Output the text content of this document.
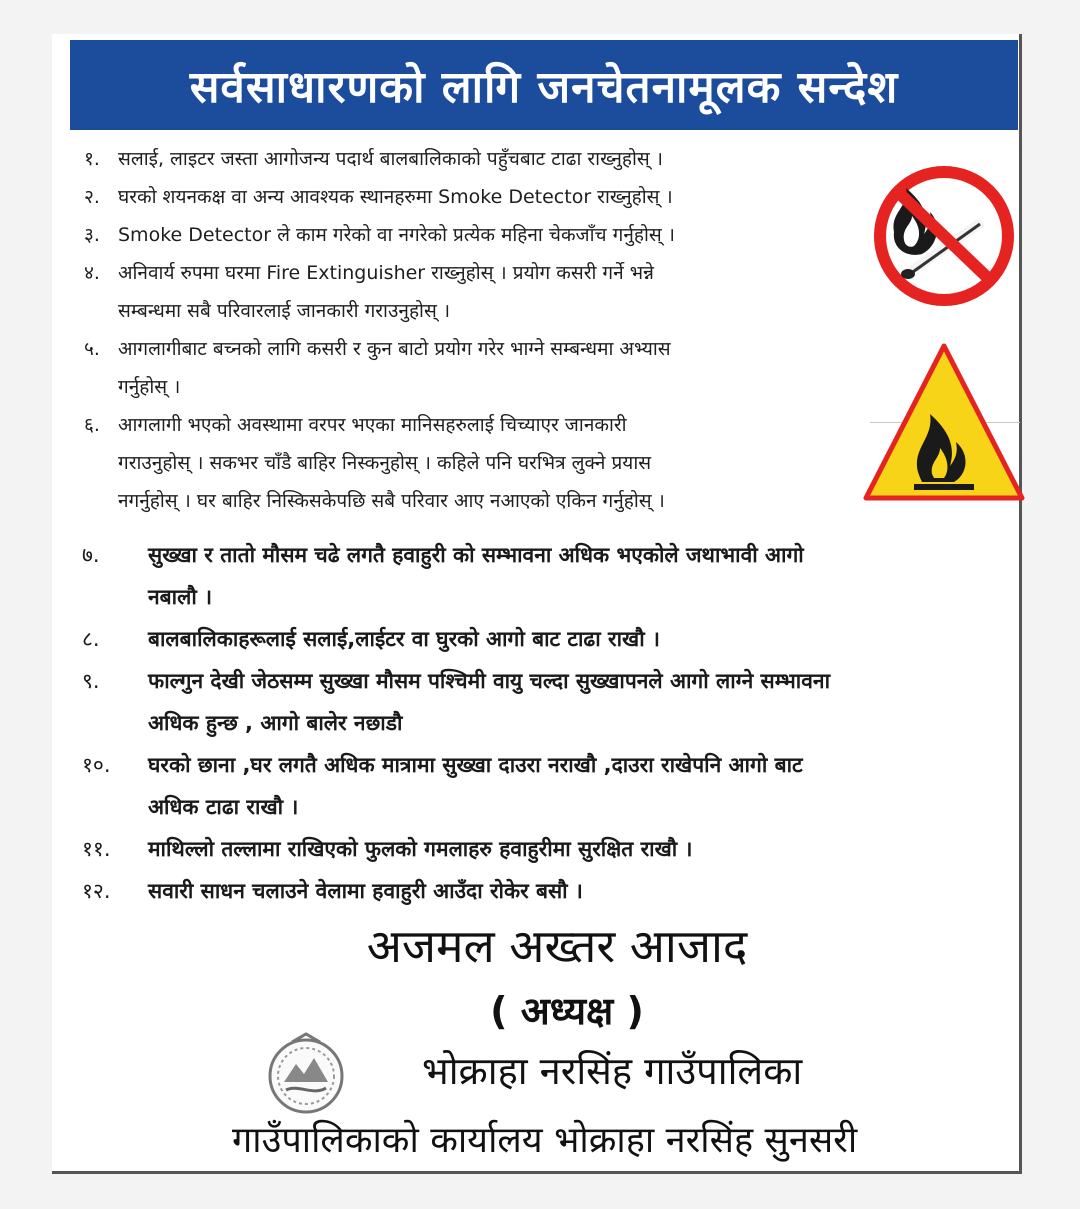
सर्वसाधारणको लागि जनचेतनामूलक सन्देश
१. सलाई, लाइटर जस्ता आगोजन्य पदार्थ बालबालिकाको पहुँचबाट टाढा राख्नुहोस् ।
२. घरको शयनकक्ष वा अन्य आवश्यक स्थानहरुमा Smoke Detector राख्नुहोस् ।
३. Smoke Detector ले काम गरेको वा नगरेको प्रत्येक महिना चेकजाँच गर्नुहोस् ।
४. अनिवार्य रुपमा घरमा Fire Extinguisher राख्नुहोस् । प्रयोग कसरी गर्ने भन्ने
सम्बन्धमा सबै परिवारलाई जानकारी गराउनुहोस् ।
५. आगलागीबाट बच्नको लागि कसरी र कुन बाटो प्रयोग गरेर भाग्ने सम्बन्धमा अभ्यास
गर्नुहोस् ।
६. आगलागी भएको अवस्थामा वरपर भएका मानिसहरुलाई चिच्याएर जानकारी
गराउनुहोस् । सकभर चाँडै बाहिर निस्कनुहोस् । कहिले पनि घरभित्र लुक्ने प्रयास
नगर्नुहोस् । घर बाहिर निस्किसकेपछि सबै परिवार आए नआएको एकिन गर्नुहोस् ।
७.	सुख्खा र तातो मौसम चढे लगतै हवाहुरी को सम्भावना अधिक भएकोले जथाभावी आगो
नबालौ ।
८.	बालबालिकाहरूलाई सलाई,लाईटर वा घुरको आगो बाट टाढा राखौ ।
९.	फाल्गुन देखी जेठसम्म सुख्खा मौसम पश्चिमी वायु चल्दा सुख्खापनले आगो लाग्ने सम्भावना
अधिक हुन्छ , आगो बालेर नछाडौ
१०.	घरको छाना ,घर लगतै अधिक मात्रामा सुख्खा दाउरा नराखौ ,दाउरा राखेपनि आगो बाट
अधिक टाढा राखौ ।
११.	माथिल्लो तल्लामा राखिएको फुलको गमलाहरु हवाहुरीमा सुरक्षित राखौ ।
१२.	सवारी साधन चलाउने वेलामा हवाहुरी आउँदा रोकेर बसौ ।
अजमल अख्तर आजाद
( अध्यक्ष )
भोक्राहा नरसिंह गाउँपालिका
गाउँपालिकाको कार्यालय भोक्राहा नरसिंह सुनसरी
